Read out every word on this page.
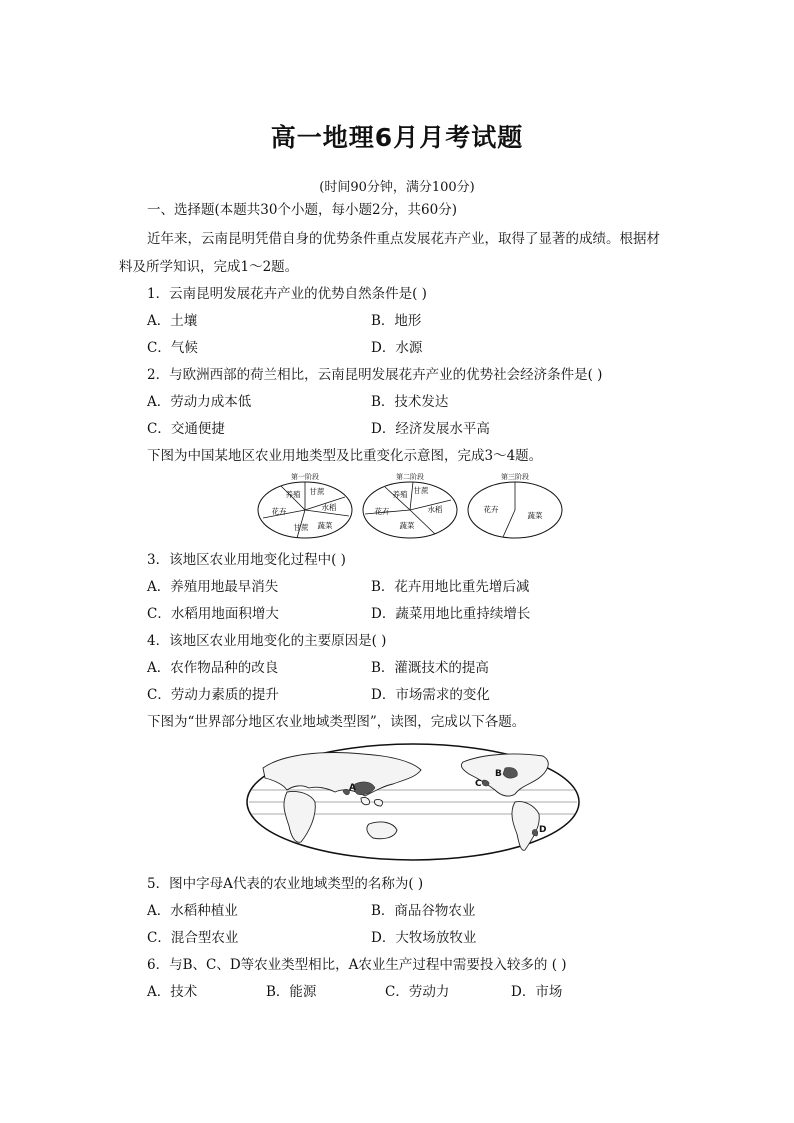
高一地理6月月考试题
(时间90分钟，满分100分)
一、选择题(本题共30个小题，每小题2分，共60分)
近年来，云南昆明凭借自身的优势条件重点发展花卉产业，取得了显著的成绩。根据材
料及所学知识，完成1～2题。
1．云南昆明发展花卉产业的优势自然条件是( )
A．土壤	B．地形
C．气候	D．水源
2．与欧洲西部的荷兰相比，云南昆明发展花卉产业的优势社会经济条件是( )
A．劳动力成本低	B．技术发达
C．交通便捷	D．经济发展水平高
下图为中国某地区农业用地类型及比重变化示意图，完成3～4题。
第一阶段
养殖 甘蔗
水稻
花卉
蔬菜
甘蔗
第二阶段
养殖 甘蔗
水稻
花卉
蔬菜
第三阶段
花卉
蔬菜
3．该地区农业用地变化过程中( )
A．养殖用地最早消失	B．花卉用地比重先增后减
C．水稻用地面积增大	D．蔬菜用地比重持续增长
4．该地区农业用地变化的主要原因是( )
A．农作物品种的改良	B．灌溉技术的提高
C．劳动力素质的提升	D．市场需求的变化
下图为“世界部分地区农业地域类型图”，读图，完成以下各题。
A
B
C
D
5．图中字母A代表的农业地域类型的名称为( )
A．水稻种植业	B．商品谷物农业
C．混合型农业	D．大牧场放牧业
6．与B、C、D等农业类型相比，A农业生产过程中需要投入较多的 ( )
A．技术	B．能源	C．劳动力	D．市场
